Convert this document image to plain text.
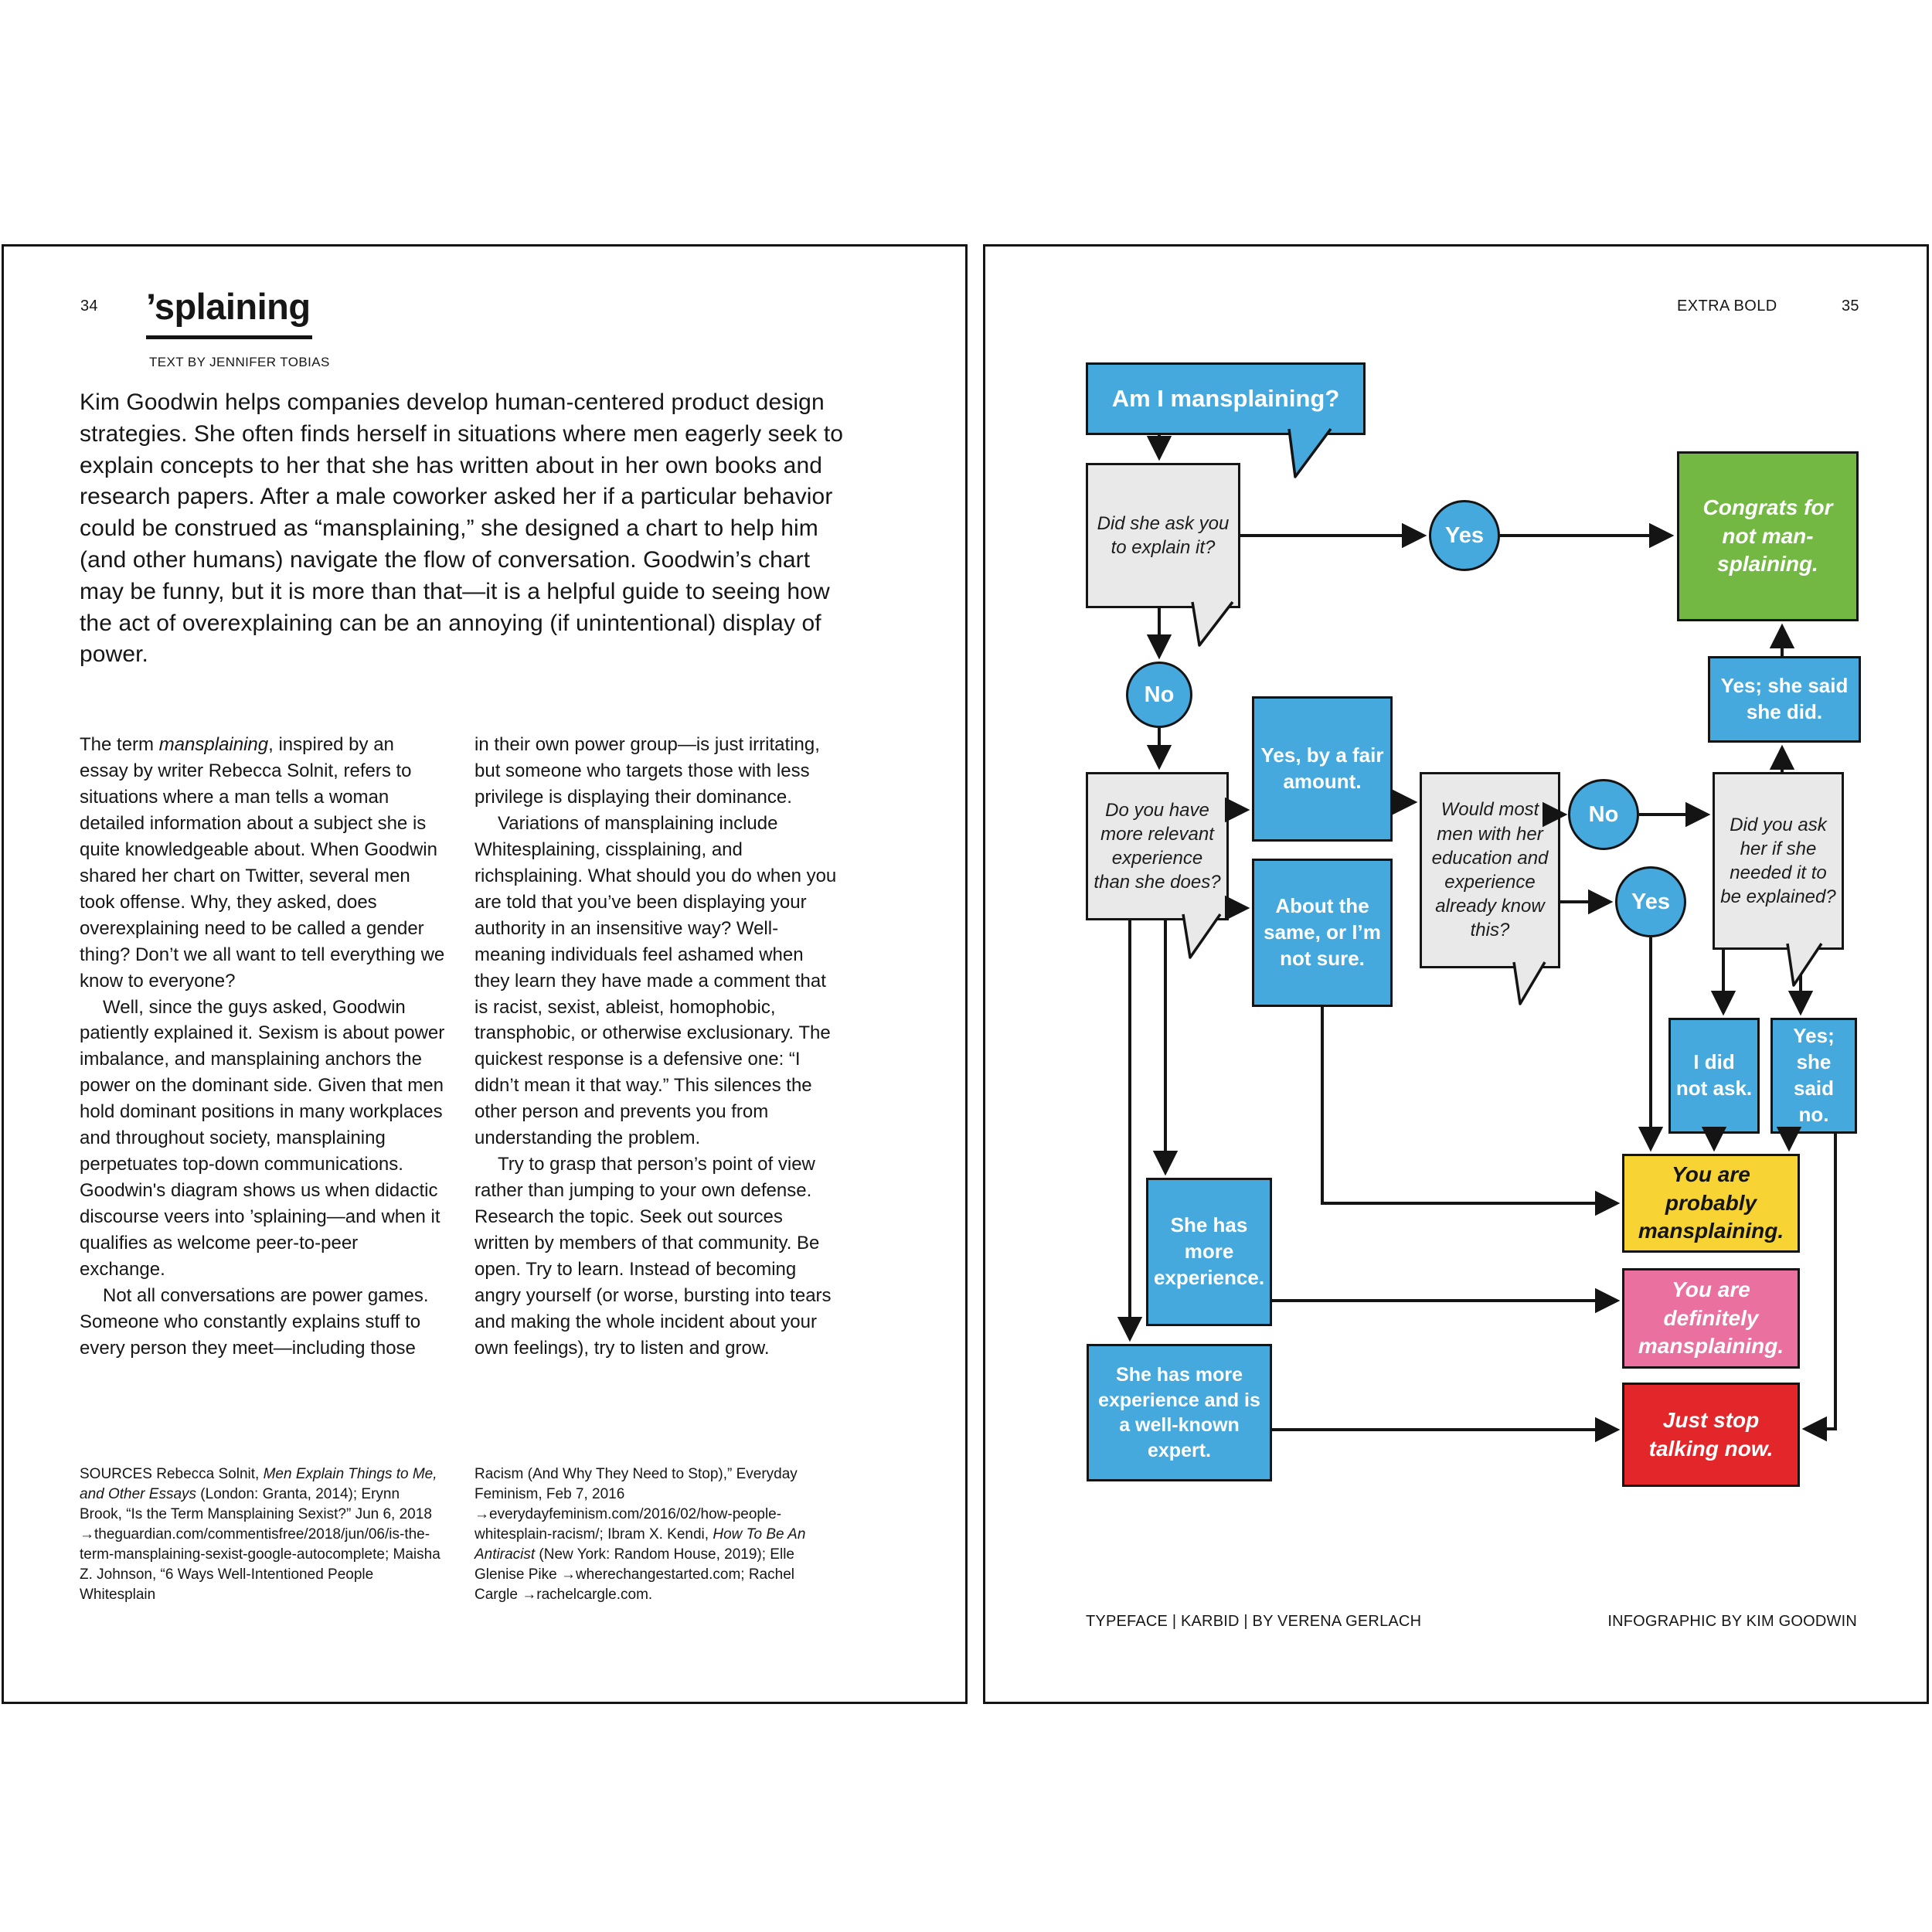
34 ’splaining
TEXT BY JENNIFER TOBIAS
Kim Goodwin helps companies develop human-centered product design strategies. She often finds herself in situations where men eagerly seek to explain concepts to her that she has written about in her own books and research papers. After a male coworker asked her if a particular behavior could be construed as “mansplaining,” she designed a chart to help him (and other humans) navigate the flow of conversation. Goodwin’s chart may be funny, but it is more than that—it is a helpful guide to seeing how the act of overexplaining can be an annoying (if unintentional) display of power.

The term mansplaining, inspired by an essay by writer Rebecca Solnit, refers to situations where a man tells a woman detailed information about a subject she is quite knowledgeable about. When Goodwin shared her chart on Twitter, several men took offense. Why, they asked, does overexplaining need to be called a gender thing? Don’t we all want to tell everything we know to everyone?

Well, since the guys asked, Goodwin patiently explained it. Sexism is about power imbalance, and mansplaining anchors the power on the dominant side. Given that men hold dominant positions in many workplaces and throughout society, mansplaining perpetuates top-down communications. Goodwin's diagram shows us when didactic discourse veers into ’splaining—and when it qualifies as welcome peer-to-peer exchange.

Not all conversations are power games. Someone who constantly explains stuff to every person they meet—including those

in their own power group—is just irritating, but someone who targets those with less privilege is displaying their dominance.

Variations of mansplaining include Whitesplaining, cissplaining, and richsplaining. What should you do when you are told that you’ve been displaying your authority in an insensitive way? Well-meaning individuals feel ashamed when they learn they have made a comment that is racist, sexist, ableist, homophobic, transphobic, or otherwise exclusionary. The quickest response is a defensive one: “I didn’t mean it that way.” This silences the other person and prevents you from understanding the problem.

Try to grasp that person’s point of view rather than jumping to your own defense. Research the topic. Seek out sources written by members of that community. Be open. Try to learn. Instead of becoming angry yourself (or worse, bursting into tears and making the whole incident about your own feelings), try to listen and grow.

SOURCES Rebecca Solnit, Men Explain Things to Me, and Other Essays (London: Granta, 2014); Erynn Brook, “Is the Term Mansplaining Sexist?” Jun 6, 2018 →theguardian.com/commentisfree/2018/jun/06/is-the-term-mansplaining-sexist-google-autocomplete; Maisha Z. Johnson, “6 Ways Well-Intentioned People Whitesplain
Racism (And Why They Need to Stop),” Everyday Feminism, Feb 7, 2016 →everydayfeminism.com/2016/02/how-people-whitesplain-racism/; Ibram X. Kendi, How To Be An Antiracist (New York: Random House, 2019); Elle Glenise Pike →wherechangestarted.com; Rachel Cargle →rachelcargle.com.
EXTRA BOLD	35
Am I mansplaining?
Did she ask you to explain it?	Yes
Congrats for not man-splaining.
Yes; she said she did.
No
Do you have more relevant experience than she does?
Yes, by a fair amount.
About the same, or I’m not sure.
Would most men with her education and experience already know this?
No
Yes
Did you ask her if she needed it to be explained?
I did not ask.
Yes; she said no.
You are probably mansplaining.
You are definitely mansplaining.
Just stop talking now.
She has more experience.
She has more experience and is a well-known expert.
TYPEFACE | KARBID | BY VERENA GERLACH	INFOGRAPHIC BY KIM GOODWIN
